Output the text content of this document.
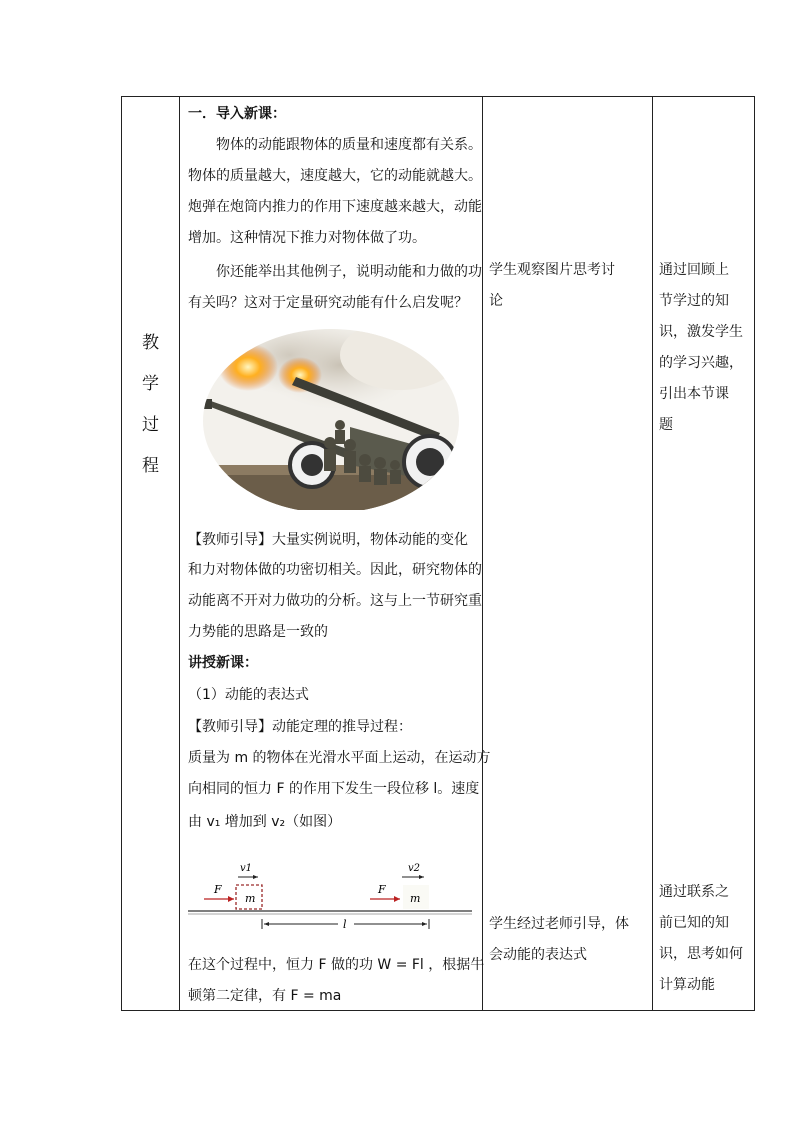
教
学
过
程
一．导入新课：
物体的动能跟物体的质量和速度都有关系。
物体的质量越大，速度越大，它的动能就越大。
炮弹在炮筒内推力的作用下速度越来越大，动能
增加。这种情况下推力对物体做了功。
你还能举出其他例子，说明动能和力做的功
有关吗？这对于定量研究动能有什么启发呢？
【教师引导】大量实例说明，物体动能的变化
和力对物体做的功密切相关。因此，研究物体的
动能离不开对力做功的分析。这与上一节研究重
力势能的思路是一致的
讲授新课：
（1）动能的表达式
【教师引导】动能定理的推导过程：
质量为 m 的物体在光滑水平面上运动，在运动方
向相同的恒力 F 的作用下发生一段位移 l。速度
由 v₁ 增加到 v₂（如图）
m
F
v1
m
F
v2
l
在这个过程中，恒力 F 做的功 W = Fl ，根据牛
顿第二定律，有 F = ma
学生观察图片思考讨
论
学生经过老师引导，体
会动能的表达式
通过回顾上
节学过的知
识，激发学生
的学习兴趣，
引出本节课
题
通过联系之
前已知的知
识，思考如何
计算动能
